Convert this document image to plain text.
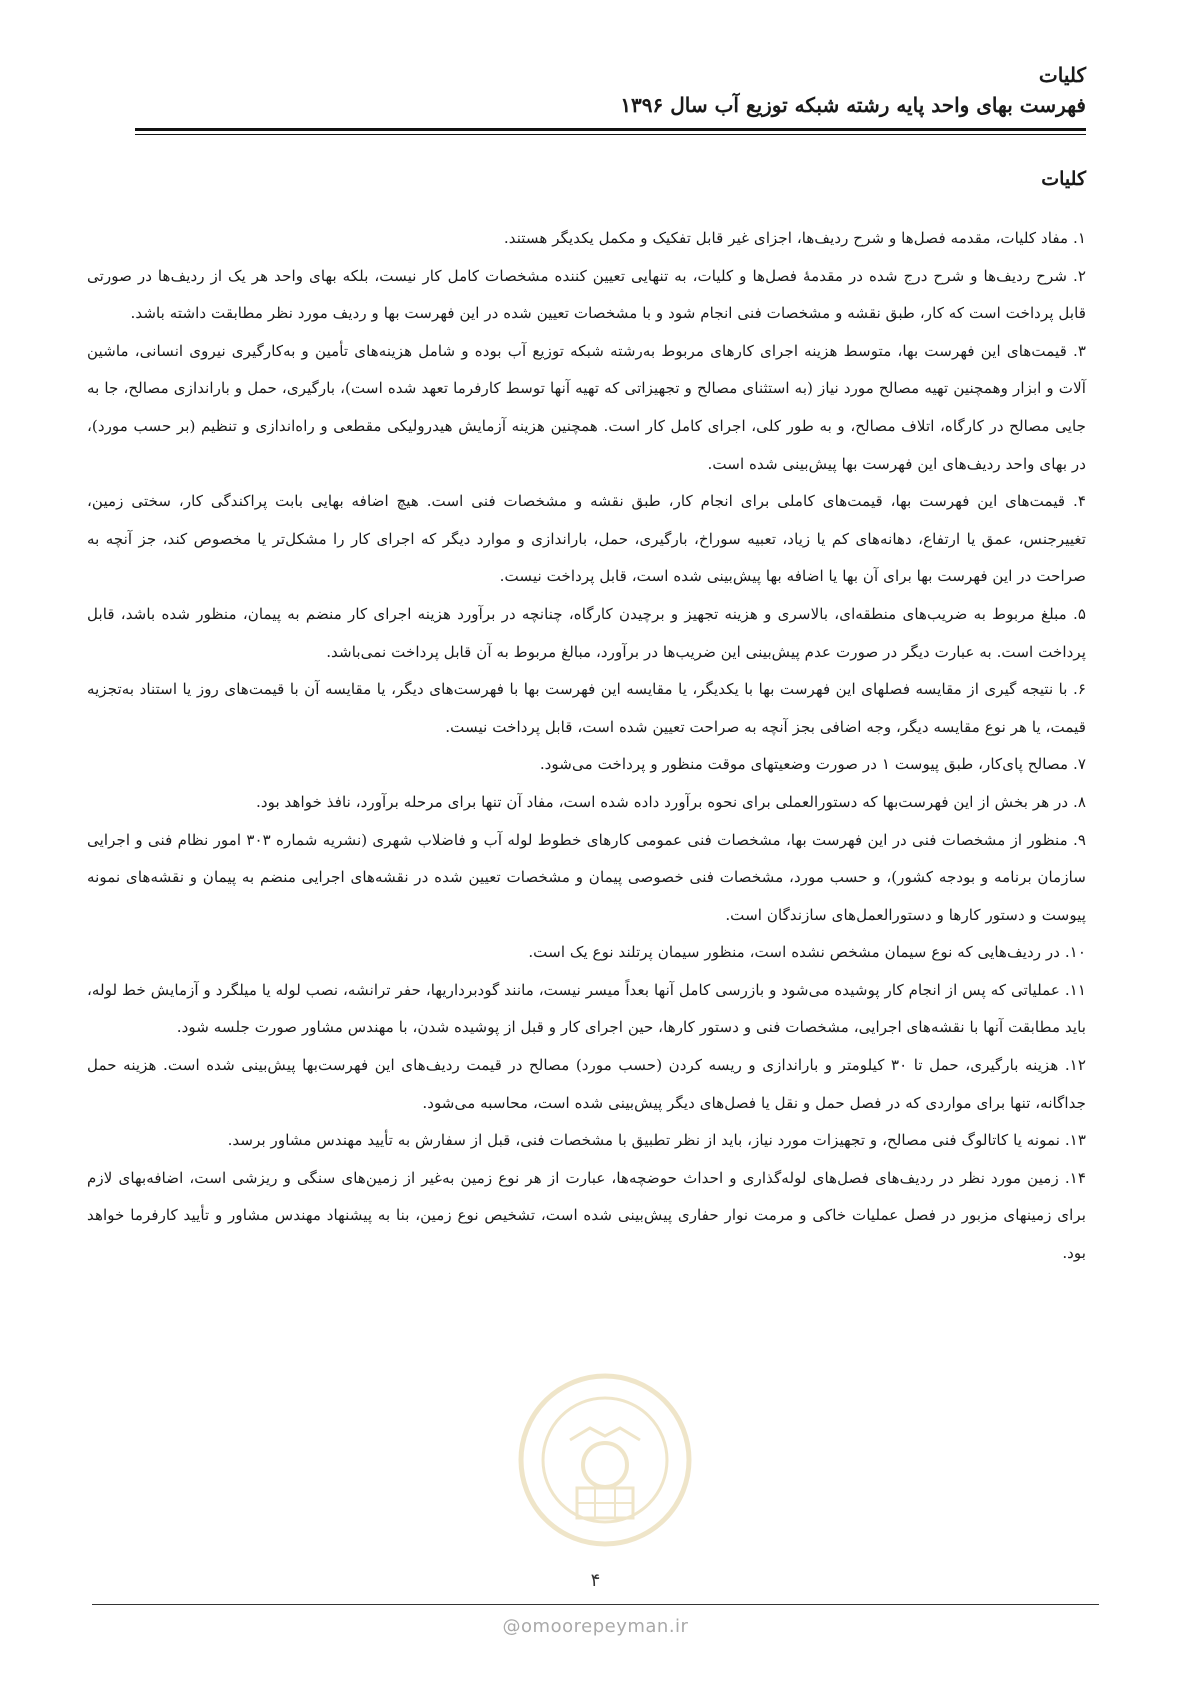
کلیات
فهرست بهای واحد پایه رشته شبکه توزیع آب سال ۱۳۹۶
کلیات

۱. مفاد کلیات، مقدمه فصل‌ها و شرح ردیف‌ها، اجزای غیر قابل تفکیک و مکمل یکدیگر هستند.

۲. شرح ردیف‌ها و شرح درج شده در مقدمهٔ فصل‌ها و کلیات، به تنهایی تعیین کننده مشخصات کامل کار نیست، بلکه بهای واحد هر یک از ردیف‌ها در صورتی قابل پرداخت است که کار، طبق نقشه و مشخصات فنی انجام شود و با مشخصات تعیین شده در این فهرست بها و ردیف مورد نظر مطابقت داشته باشد.

۳. قیمت‌های این فهرست بها، متوسط هزینه اجرای کارهای مربوط به‌رشته شبکه توزیع آب بوده و شامل هزینه‌های تأمین و به‌کارگیری نیروی انسانی، ماشین آلات و ابزار وهمچنین تهیه مصالح مورد نیاز (به استثنای مصالح و تجهیزاتی که تهیه آنها توسط کارفرما تعهد شده است)، بارگیری، حمل و باراندازی مصالح، جا به جایی مصالح در کارگاه، اتلاف مصالح، و به طور کلی، اجرای کامل کار است. همچنین هزینه آزمایش هیدرولیکی مقطعی و راه‌اندازی و تنظیم (بر حسب مورد)، در بهای واحد ردیف‌های این فهرست بها پیش‌بینی شده است.

۴. قیمت‌های این فهرست بها، قیمت‌های کاملی برای انجام کار، طبق نقشه و مشخصات فنی است. هیچ اضافه بهایی بابت پراکندگی کار، سختی زمین، تغییرجنس، عمق یا ارتفاع، دهانه‌های کم یا زیاد، تعبیه سوراخ، بارگیری، حمل، باراندازی و موارد دیگر که اجرای کار را مشکل‌تر یا مخصوص کند، جز آنچه به صراحت در این فهرست بها برای آن بها یا اضافه بها پیش‌بینی شده است، قابل پرداخت نیست.

۵. مبلغ مربوط به ضریب‌های منطقه‌ای، بالاسری و هزینه تجهیز و برچیدن کارگاه، چنانچه در برآورد هزینه اجرای کار منضم به پیمان، منظور شده باشد، قابل پرداخت است. به عبارت دیگر در صورت عدم پیش‌بینی این ضریب‌ها در برآورد، مبالغ مربوط به آن قابل پرداخت نمی‌باشد.

۶. با نتیجه گیری از مقایسه فصلهای این فهرست بها با یکدیگر، یا مقایسه این فهرست بها با فهرست‌های دیگر، یا مقایسه آن با قیمت‌های روز یا استناد به‌تجزیه قیمت، یا هر نوع مقایسه دیگر، وجه اضافی بجز آنچه به صراحت تعیین شده است، قابل پرداخت نیست.

۷. مصالح پای‌کار، طبق پیوست ۱ در صورت وضعیتهای موقت منظور و پرداخت می‌شود.

۸. در هر بخش از این فهرست‌بها که دستورالعملی برای نحوه برآورد داده شده است، مفاد آن تنها برای مرحله برآورد، نافذ خواهد بود.

۹. منظور از مشخصات فنی در این فهرست بها، مشخصات فنی عمومی کارهای خطوط لوله آب و فاضلاب شهری (نشریه شماره ۳۰۳ امور نظام فنی و اجرایی سازمان برنامه و بودجه کشور)، و حسب مورد، مشخصات فنی خصوصی پیمان و مشخصات تعیین شده در نقشه‌های اجرایی منضم به پیمان و نقشه‌های نمونه پیوست و دستور کارها و دستورالعمل‌های سازندگان است.

۱۰. در ردیف‌هایی که نوع سیمان مشخص نشده است، منظور سیمان پرتلند نوع یک است.

۱۱. عملیاتی که پس از انجام کار پوشیده می‌شود و بازرسی کامل آنها بعداً میسر نیست، مانند گودبرداریها، حفر ترانشه، نصب لوله یا میلگرد و آزمایش خط لوله، باید مطابقت آنها با نقشه‌های اجرایی، مشخصات فنی و دستور کارها، حین اجرای کار و قبل از پوشیده شدن، با مهندس مشاور صورت جلسه شود.

۱۲. هزینه بارگیری، حمل تا ۳۰ کیلومتر و باراندازی و ریسه کردن (حسب مورد) مصالح در قیمت ردیف‌های این فهرست‌بها پیش‌بینی شده است. هزینه حمل جداگانه، تنها برای مواردی که در فصل حمل و نقل یا فصل‌های دیگر پیش‌بینی شده است، محاسبه می‌شود.

۱۳. نمونه یا کاتالوگ فنی مصالح، و تجهیزات مورد نیاز، باید از نظر تطبیق با مشخصات فنی، قبل از سفارش به تأیید مهندس مشاور برسد.

۱۴. زمین مورد نظر در ردیف‌های فصل‌های لوله‌گذاری و احداث حوضچه‌ها، عبارت از هر نوع زمین به‌غیر از زمین‌های سنگی و ریزشی است، اضافه‌بهای لازم برای زمینهای مزبور در فصل عملیات خاکی و مرمت نوار حفاری پیش‌بینی شده است، تشخیص نوع زمین، بنا به پیشنهاد مهندس مشاور و تأیید کارفرما خواهد بود.

۴
@omoorepeyman.ir
